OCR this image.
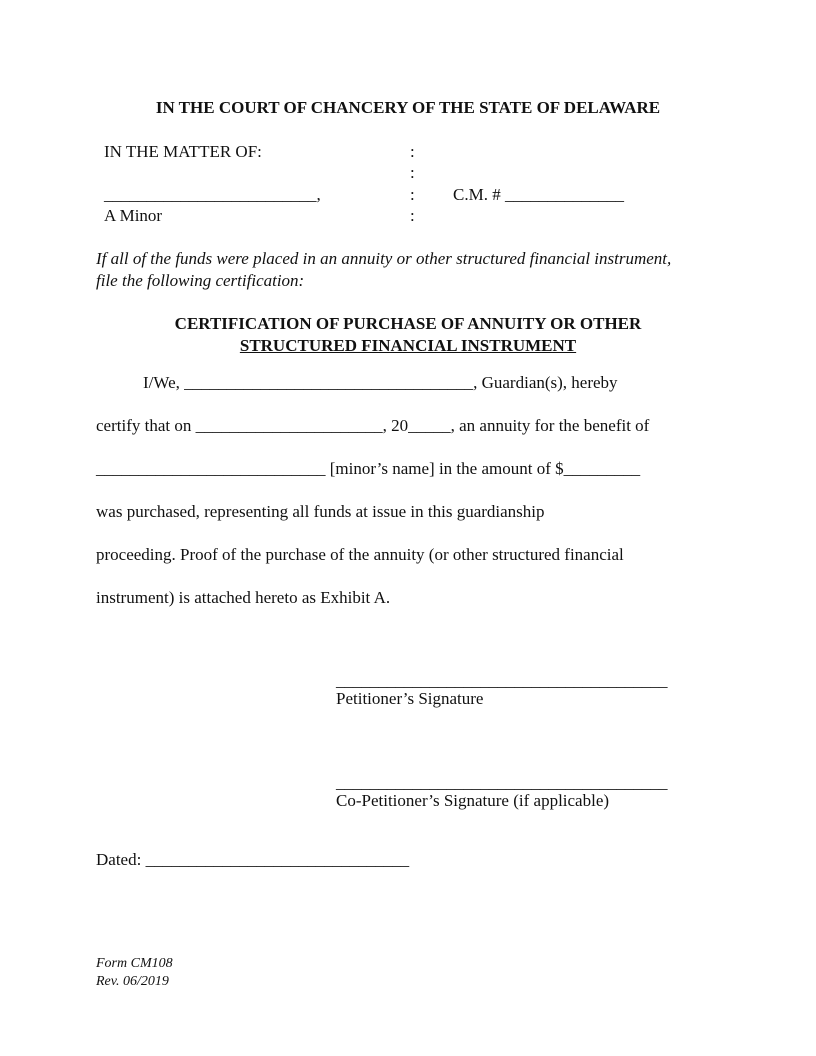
IN THE COURT OF CHANCERY OF THE STATE OF DELAWARE
IN THE MATTER OF:
_________________________,
A Minor
:
:
:
:
C.M. # ______________
If all of the funds were placed in an annuity or other structured financial instrument, file the following certification:
CERTIFICATION OF PURCHASE OF ANNUITY OR OTHER
STRUCTURED FINANCIAL INSTRUMENT
I/We, __________________________________, Guardian(s), hereby
certify that on ______________________, 20_____, an annuity for the benefit of
___________________________ [minor’s name] in the amount of $_________
was purchased, representing all funds at issue in this guardianship
proceeding. Proof of the purchase of the annuity (or other structured financial
instrument) is attached hereto as Exhibit A.
_______________________________________
Petitioner’s Signature
_______________________________________
Co-Petitioner’s Signature (if applicable)
Dated: _______________________________
Form CM108
Rev. 06/2019
